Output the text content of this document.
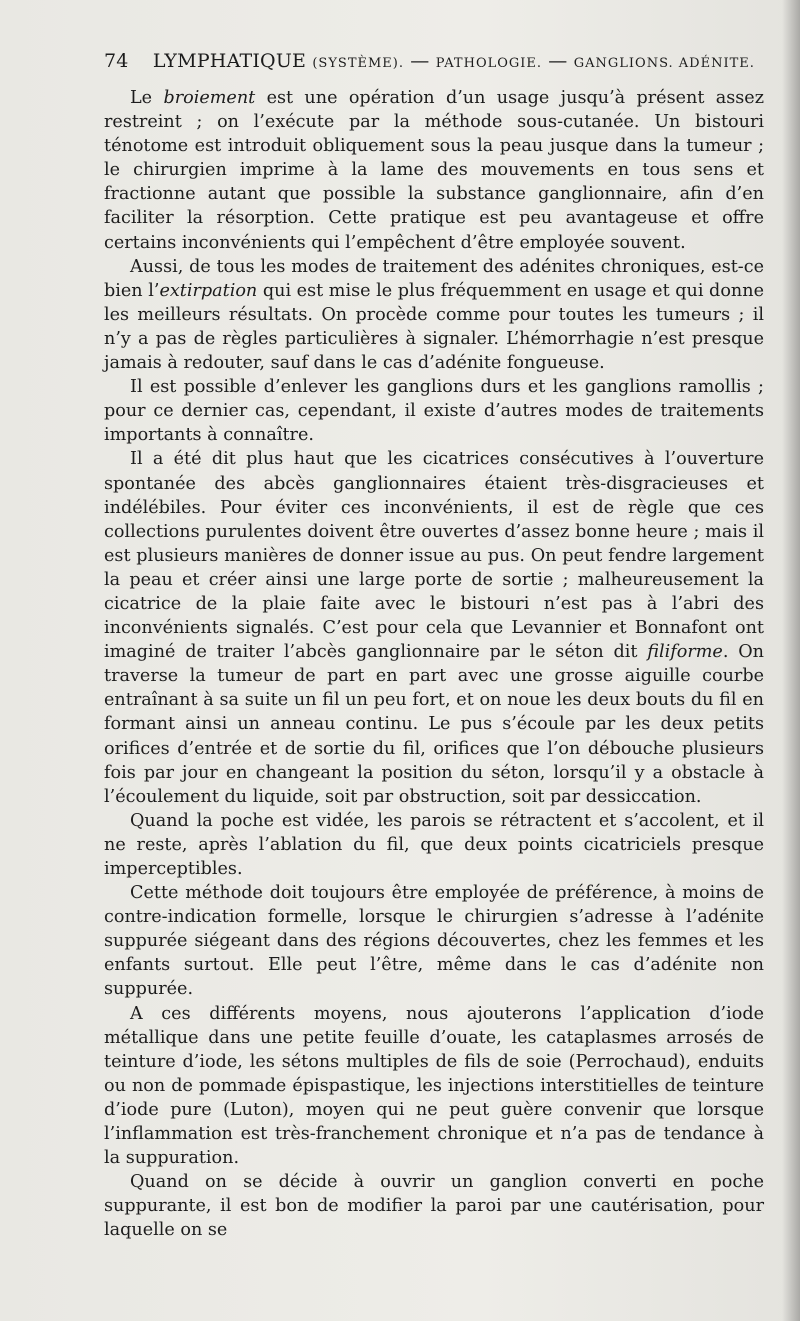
74 LYMPHATIQUE (SYSTÈME). — PATHOLOGIE. — GANGLIONS. ADÉNITE.

Le broiement est une opération d’un usage jusqu’à présent assez restreint ; on l’exécute par la méthode sous-cutanée. Un bistouri ténotome est introduit obliquement sous la peau jusque dans la tumeur ; le chirurgien imprime à la lame des mouvements en tous sens et fractionne autant que possible la substance ganglionnaire, afin d’en faciliter la résorption. Cette pratique est peu avantageuse et offre certains inconvénients qui l’empêchent d’être employée souvent.

Aussi, de tous les modes de traitement des adénites chroniques, est-ce bien l’extirpation qui est mise le plus fréquemment en usage et qui donne les meilleurs résultats. On procède comme pour toutes les tumeurs ; il n’y a pas de règles particulières à signaler. L’hémorrhagie n’est presque jamais à redouter, sauf dans le cas d’adénite fongueuse.

Il est possible d’enlever les ganglions durs et les ganglions ramollis ; pour ce dernier cas, cependant, il existe d’autres modes de traitements importants à connaître.

Il a été dit plus haut que les cicatrices consécutives à l’ouverture spontanée des abcès ganglionnaires étaient très-disgracieuses et indélébiles. Pour éviter ces inconvénients, il est de règle que ces collections purulentes doivent être ouvertes d’assez bonne heure ; mais il est plusieurs manières de donner issue au pus. On peut fendre largement la peau et créer ainsi une large porte de sortie ; malheureusement la cicatrice de la plaie faite avec le bistouri n’est pas à l’abri des inconvénients signalés. C’est pour cela que Levannier et Bonnafont ont imaginé de traiter l’abcès ganglionnaire par le séton dit filiforme. On traverse la tumeur de part en part avec une grosse aiguille courbe entraînant à sa suite un fil un peu fort, et on noue les deux bouts du fil en formant ainsi un anneau continu. Le pus s’écoule par les deux petits orifices d’entrée et de sortie du fil, orifices que l’on débouche plusieurs fois par jour en changeant la position du séton, lorsqu’il y a obstacle à l’écoulement du liquide, soit par obstruction, soit par dessiccation.

Quand la poche est vidée, les parois se rétractent et s’accolent, et il ne reste, après l’ablation du fil, que deux points cicatriciels presque imperceptibles.

Cette méthode doit toujours être employée de préférence, à moins de contre-indication formelle, lorsque le chirurgien s’adresse à l’adénite suppurée siégeant dans des régions découvertes, chez les femmes et les enfants surtout. Elle peut l’être, même dans le cas d’adénite non suppurée.

A ces différents moyens, nous ajouterons l’application d’iode métallique dans une petite feuille d’ouate, les cataplasmes arrosés de teinture d’iode, les sétons multiples de fils de soie (Perrochaud), enduits ou non de pommade épispastique, les injections interstitielles de teinture d’iode pure (Luton), moyen qui ne peut guère convenir que lorsque l’inflammation est très-franchement chronique et n’a pas de tendance à la suppuration.

Quand on se décide à ouvrir un ganglion converti en poche suppurante, il est bon de modifier la paroi par une cautérisation, pour laquelle on se
